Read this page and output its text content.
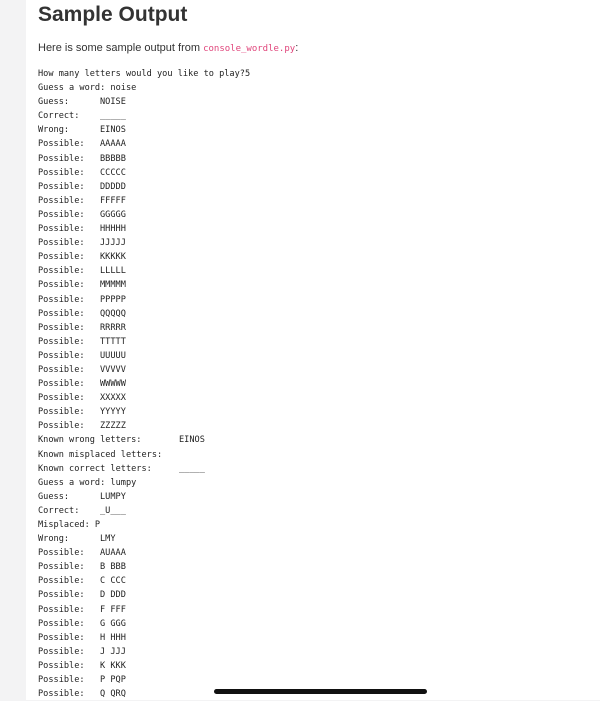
Sample Output

Here is some sample output from console_wordle.py:

How many letters would you like to play?5
Guess a word: noise
Guess:	NOISE
Correct:	_____
Wrong:	EINOS
Possible:	AAAAA
Possible:	BBBBB
Possible:	CCCCC
Possible:	DDDDD
Possible:	FFFFF
Possible:	GGGGG
Possible:	HHHHH
Possible:	JJJJJ
Possible:	KKKKK
Possible:	LLLLL
Possible:	MMMMM
Possible:	PPPPP
Possible:	QQQQQ
Possible:	RRRRR
Possible:	TTTTT
Possible:	UUUUU
Possible:	VVVVV
Possible:	WWWWW
Possible:	XXXXX
Possible:	YYYYY
Possible:	ZZZZZ
Known wrong letters:	EINOS
Known misplaced letters:
Known correct letters:	_____
Guess a word: lumpy
Guess:	LUMPY
Correct:	_U___
Misplaced: P
Wrong:	LMY
Possible:	AUAAA
Possible:	B BBB
Possible:	C CCC
Possible:	D DDD
Possible:	F FFF
Possible:	G GGG
Possible:	H HHH
Possible:	J JJJ
Possible:	K KKK
Possible:	P PQP
Possible:	Q QRQ
